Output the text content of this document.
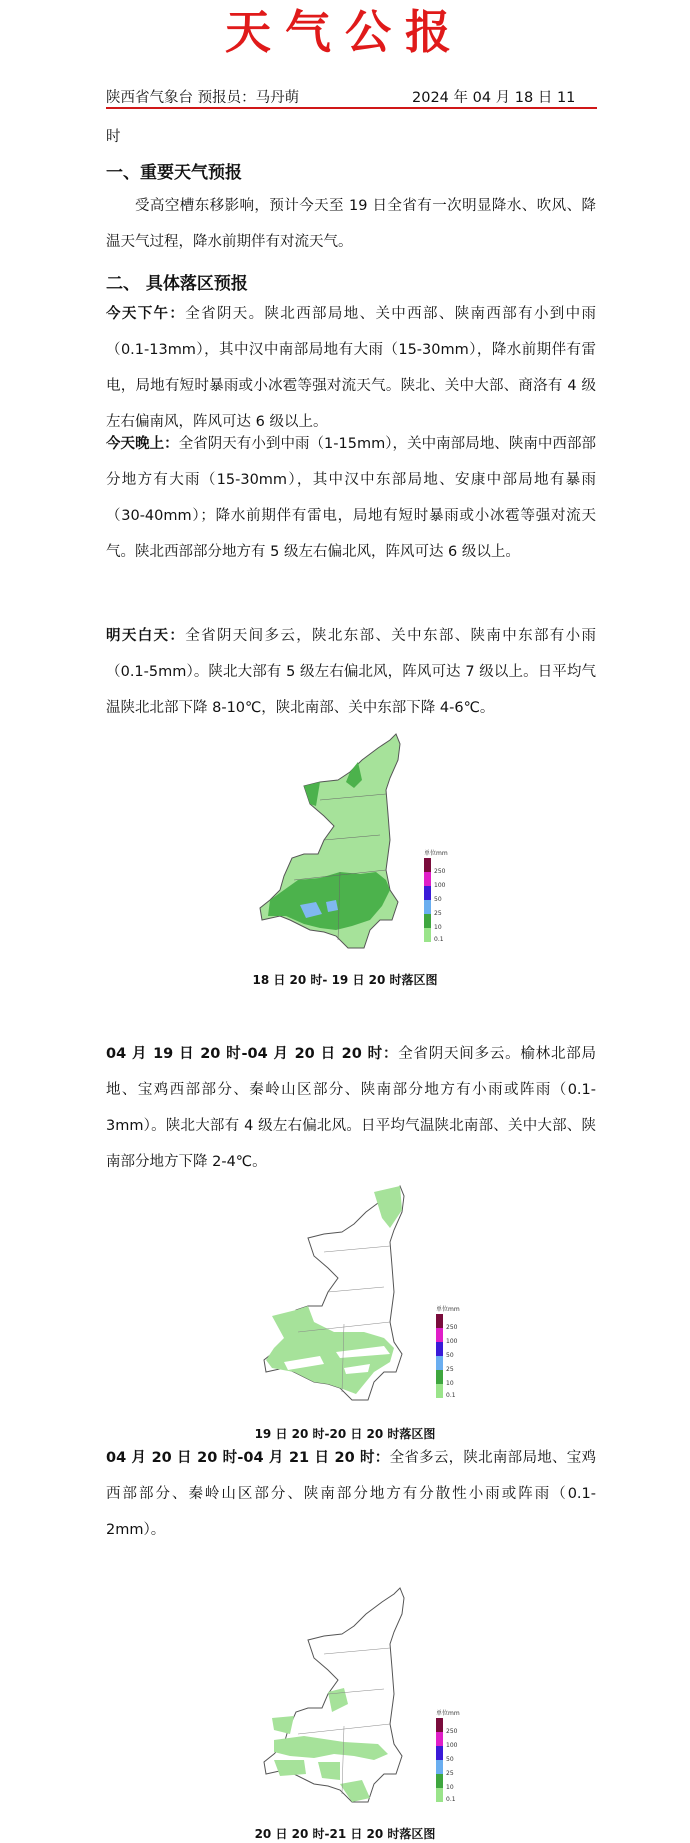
天气公报
陕西省气象台 预报员：马丹萌	2024 年 04 月 18 日 11
时
一、重要天气预报
受高空槽东移影响，预计今天至 19 日全省有一次明显降水、吹风、降温天气过程，降水前期伴有对流天气。
二、 具体落区预报
今天下午：全省阴天。陕北西部局地、关中西部、陕南西部有小到中雨 （0.1-13mm），其中汉中南部局地有大雨（15-30mm），降水前期伴有雷电，局地有短时暴雨或小冰雹等强对流天气。陕北、关中大部、商洛有 4 级左右偏南风，阵风可达 6 级以上。
今天晚上：全省阴天有小到中雨（1-15mm），关中南部局地、陕南中西部部分地方有大雨（15-30mm），其中汉中东部局地、安康中部局地有暴雨（30-40mm）；降水前期伴有雷电，局地有短时暴雨或小冰雹等强对流天气。陕北西部部分地方有 5 级左右偏北风，阵风可达 6 级以上。
明天白天：全省阴天间多云，陕北东部、关中东部、陕南中东部有小雨（0.1-5mm）。陕北大部有 5 级左右偏北风，阵风可达 7 级以上。日平均气温陕北北部下降 8-10℃，陕北南部、关中东部下降 4-6℃。
单位mm
250
100
50
25
10
0.1
18 日 20 时- 19 日 20 时落区图
04 月 19 日 20 时-04 月 20 日 20 时：全省阴天间多云。榆林北部局地、宝鸡西部部分、秦岭山区部分、陕南部分地方有小雨或阵雨（0.1-3mm）。陕北大部有 4 级左右偏北风。日平均气温陕北南部、关中大部、陕南部分地方下降 2-4℃。
单位mm
250
100
50
25
10
0.1
19 日 20 时-20 日 20 时落区图
04 月 20 日 20 时-04 月 21 日 20 时：全省多云，陕北南部局地、宝鸡西部部分、秦岭山区部分、陕南部分地方有分散性小雨或阵雨（0.1-2mm）。
单位mm
250
100
50
25
10
0.1
20 日 20 时-21 日 20 时落区图
